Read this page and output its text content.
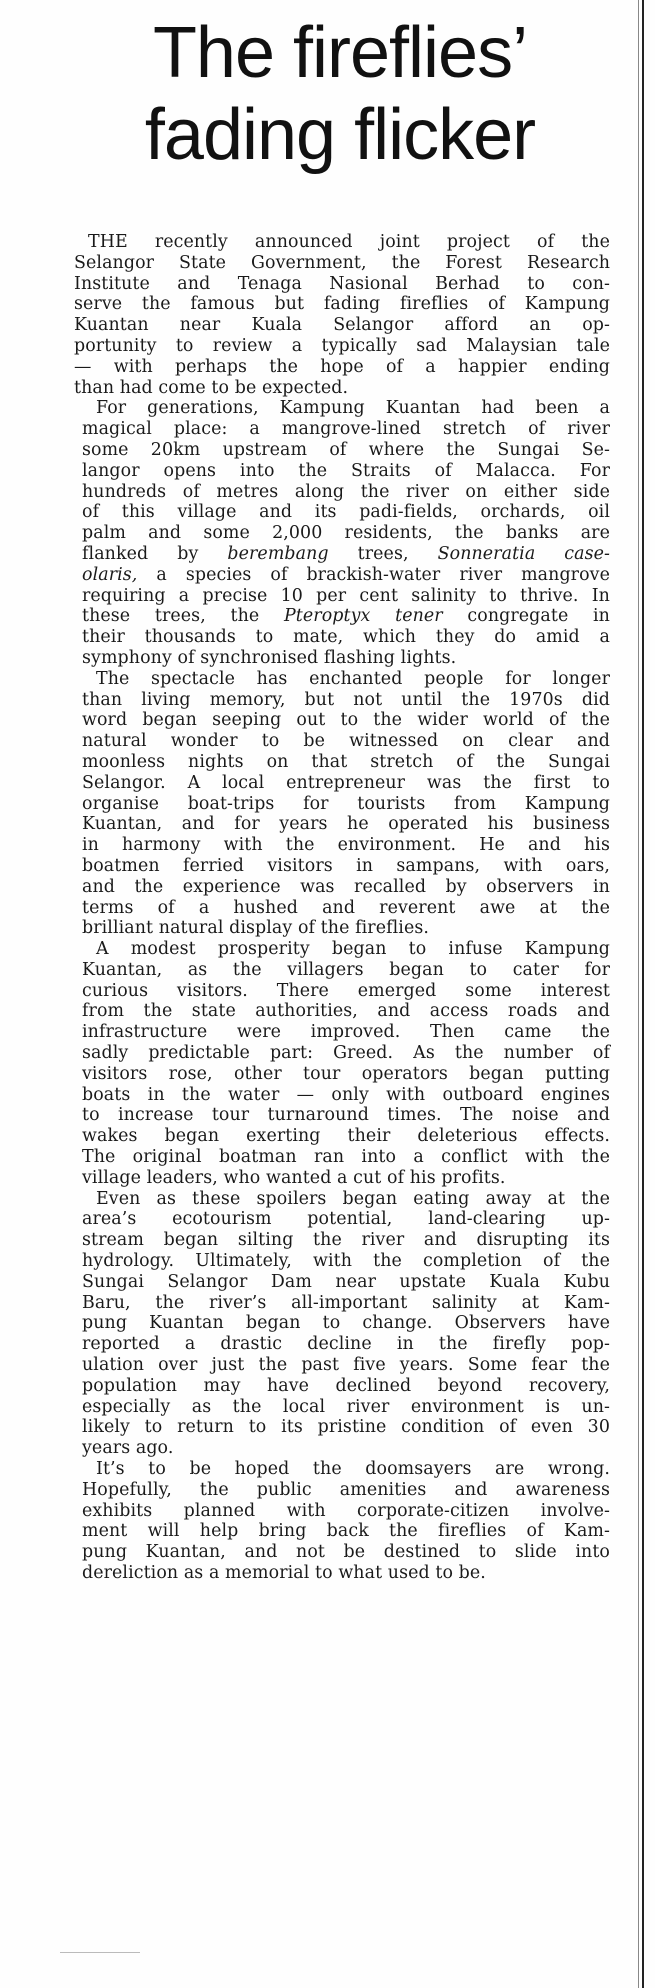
The fireflies’
fading flicker

THE recently announced joint project of the
Selangor State Government, the Forest Research
Institute and Tenaga Nasional Berhad to con-
serve the famous but fading fireflies of Kampung
Kuantan near Kuala Selangor afford an op-
portunity to review a typically sad Malaysian tale
— with perhaps the hope of a happier ending
than had come to be expected.

For generations, Kampung Kuantan had been a
magical place: a mangrove-lined stretch of river
some 20km upstream of where the Sungai Se-
langor opens into the Straits of Malacca. For
hundreds of metres along the river on either side
of this village and its padi-fields, orchards, oil
palm and some 2,000 residents, the banks are
flanked by berembang trees, Sonneratia case-
olaris, a species of brackish-water river mangrove
requiring a precise 10 per cent salinity to thrive. In
these trees, the Pteroptyx tener congregate in
their thousands to mate, which they do amid a
symphony of synchronised flashing lights.

The spectacle has enchanted people for longer
than living memory, but not until the 1970s did
word began seeping out to the wider world of the
natural wonder to be witnessed on clear and
moonless nights on that stretch of the Sungai
Selangor. A local entrepreneur was the first to
organise boat-trips for tourists from Kampung
Kuantan, and for years he operated his business
in harmony with the environment. He and his
boatmen ferried visitors in sampans, with oars,
and the experience was recalled by observers in
terms of a hushed and reverent awe at the
brilliant natural display of the fireflies.

A modest prosperity began to infuse Kampung
Kuantan, as the villagers began to cater for
curious visitors. There emerged some interest
from the state authorities, and access roads and
infrastructure were improved. Then came the
sadly predictable part: Greed. As the number of
visitors rose, other tour operators began putting
boats in the water — only with outboard engines
to increase tour turnaround times. The noise and
wakes began exerting their deleterious effects.
The original boatman ran into a conflict with the
village leaders, who wanted a cut of his profits.

Even as these spoilers began eating away at the
area’s ecotourism potential, land-clearing up-
stream began silting the river and disrupting its
hydrology. Ultimately, with the completion of the
Sungai Selangor Dam near upstate Kuala Kubu
Baru, the river’s all-important salinity at Kam-
pung Kuantan began to change. Observers have
reported a drastic decline in the firefly pop-
ulation over just the past five years. Some fear the
population may have declined beyond recovery,
especially as the local river environment is un-
likely to return to its pristine condition of even 30
years ago.

It’s to be hoped the doomsayers are wrong.
Hopefully, the public amenities and awareness
exhibits planned with corporate-citizen involve-
ment will help bring back the fireflies of Kam-
pung Kuantan, and not be destined to slide into
dereliction as a memorial to what used to be.
